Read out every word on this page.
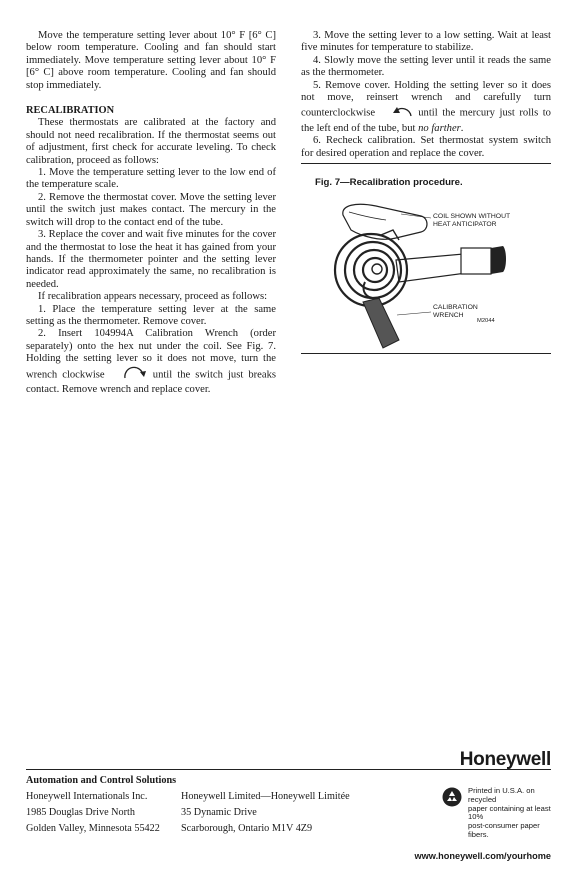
Move the temperature setting lever about 10° F [6° C] below room temperature. Cooling and fan should start immediately. Move temperature setting lever about 10° F [6° C] above room temperature. Cooling and fan should stop immediately.

RECALIBRATION

These thermostats are calibrated at the factory and should not need recalibration. If the thermostat seems out of adjustment, first check for accurate leveling. To check calibration, proceed as follows:

1. Move the temperature setting lever to the low end of the temperature scale.

2. Remove the thermostat cover. Move the setting lever until the switch just makes contact. The mercury in the switch will drop to the contact end of the tube.

3. Replace the cover and wait five minutes for the cover and the thermostat to lose the heat it has gained from your hands. If the thermometer pointer and the setting lever indicator read approximately the same, no recalibration is needed.

If recalibration appears necessary, proceed as follows:

1. Place the temperature setting lever at the same setting as the thermometer. Remove cover.

2. Insert 104994A Calibration Wrench (order separately) onto the hex nut under the coil. See Fig. 7. Holding the setting lever so it does not move, turn the wrench clockwise	until the switch just breaks contact. Remove wrench and replace cover.

3. Move the setting lever to a low setting. Wait at least five minutes for temperature to stabilize.

4. Slowly move the setting lever until it reads the same as the thermometer.

5. Remove cover. Holding the setting lever so it does not move, reinsert wrench and carefully turn counterclockwise	until the mercury just rolls to the left end of the tube, but no farther.

6. Recheck calibration. Set thermostat system switch for desired operation and replace the cover.

Fig. 7—Recalibration procedure.
COIL SHOWN WITHOUT
HEAT ANTICIPATOR
CALIBRATION
WRENCH
M2044
Honeywell
Automation and Control Solutions
Honeywell Internationals Inc.
1985 Douglas Drive North
Golden Valley, Minnesota 55422
Honeywell Limited—Honeywell Limitée
35 Dynamic Drive
Scarborough, Ontario M1V 4Z9
Printed in U.S.A. on recycled
paper containing at least 10%
post-consumer paper fibers.
www.honeywell.com/yourhome
